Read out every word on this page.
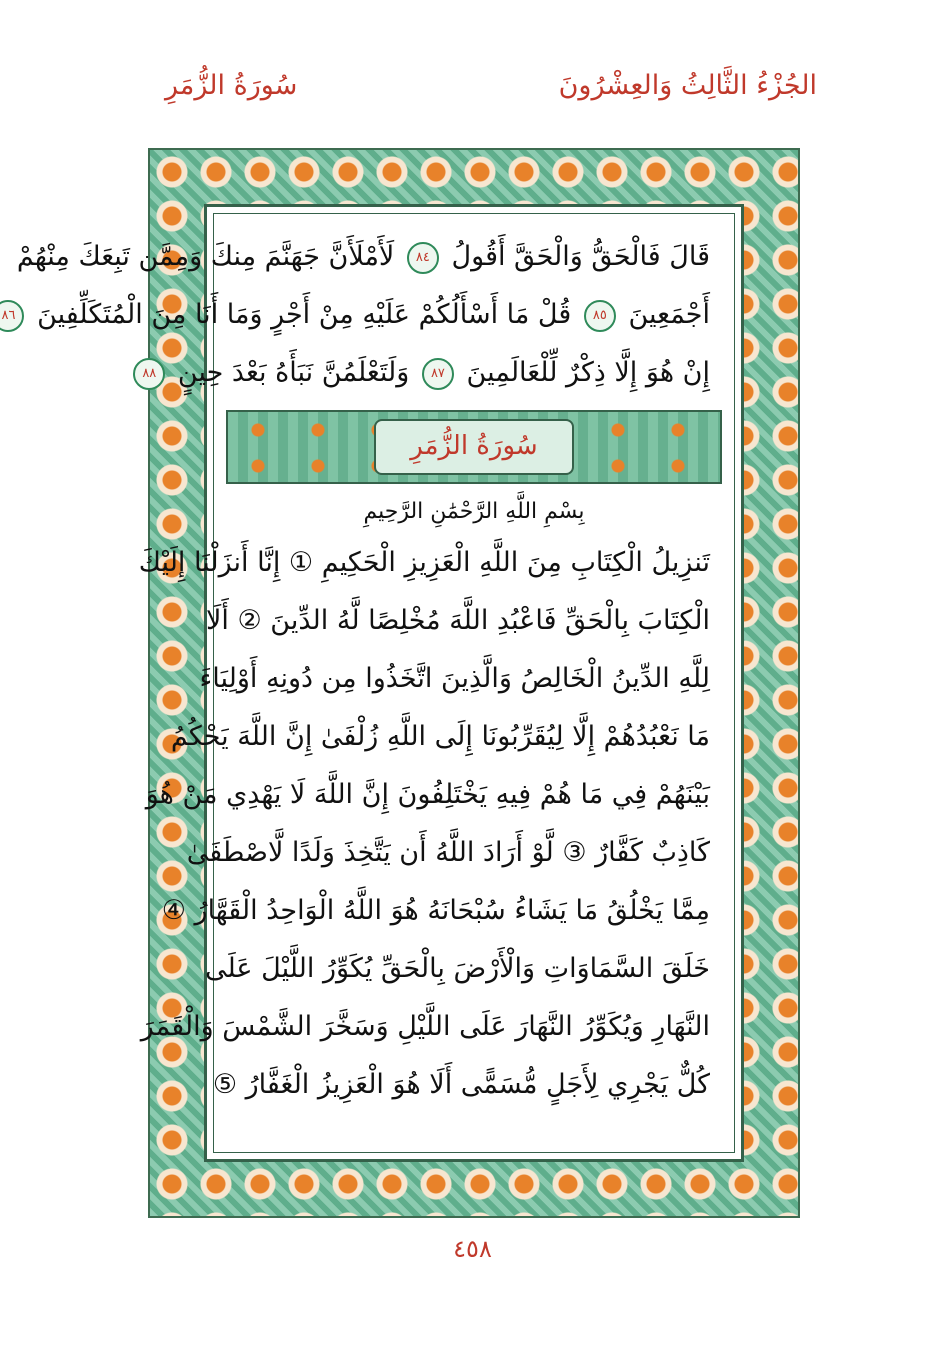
الجُزْءُ الثَّالِثُ وَالعِشْرُونَ
سُورَةُ الزُّمَرِ
قَالَ فَالْحَقُّ وَالْحَقَّ أَقُولُ ٨٤ لَأَمْلَأَنَّ جَهَنَّمَ مِنكَ وَمِمَّن تَبِعَكَ مِنْهُمْ
أَجْمَعِينَ ٨٥ قُلْ مَا أَسْأَلُكُمْ عَلَيْهِ مِنْ أَجْرٍ وَمَا أَنَا مِنَ الْمُتَكَلِّفِينَ ٨٦
إِنْ هُوَ إِلَّا ذِكْرٌ لِّلْعَالَمِينَ ٨٧ وَلَتَعْلَمُنَّ نَبَأَهُ بَعْدَ حِينٍ ٨٨
سُورَةُ الزُّمَرِ
بِسْمِ اللَّهِ الرَّحْمَٰنِ الرَّحِيمِ
تَنزِيلُ الْكِتَابِ مِنَ اللَّهِ الْعَزِيزِ الْحَكِيمِ ① إِنَّا أَنزَلْنَا إِلَيْكَ
الْكِتَابَ بِالْحَقِّ فَاعْبُدِ اللَّهَ مُخْلِصًا لَّهُ الدِّينَ ② أَلَا
لِلَّهِ الدِّينُ الْخَالِصُ وَالَّذِينَ اتَّخَذُوا مِن دُونِهِ أَوْلِيَاءَ
مَا نَعْبُدُهُمْ إِلَّا لِيُقَرِّبُونَا إِلَى اللَّهِ زُلْفَىٰ إِنَّ اللَّهَ يَحْكُمُ
بَيْنَهُمْ فِي مَا هُمْ فِيهِ يَخْتَلِفُونَ إِنَّ اللَّهَ لَا يَهْدِي مَنْ هُوَ
كَاذِبٌ كَفَّارٌ ③ لَّوْ أَرَادَ اللَّهُ أَن يَتَّخِذَ وَلَدًا لَّاصْطَفَىٰ
مِمَّا يَخْلُقُ مَا يَشَاءُ سُبْحَانَهُ هُوَ اللَّهُ الْوَاحِدُ الْقَهَّارُ ④
خَلَقَ السَّمَاوَاتِ وَالْأَرْضَ بِالْحَقِّ يُكَوِّرُ اللَّيْلَ عَلَى
النَّهَارِ وَيُكَوِّرُ النَّهَارَ عَلَى اللَّيْلِ وَسَخَّرَ الشَّمْسَ وَالْقَمَرَ
كُلٌّ يَجْرِي لِأَجَلٍ مُّسَمًّى أَلَا هُوَ الْعَزِيزُ الْغَفَّارُ ⑤
٤٥٨
